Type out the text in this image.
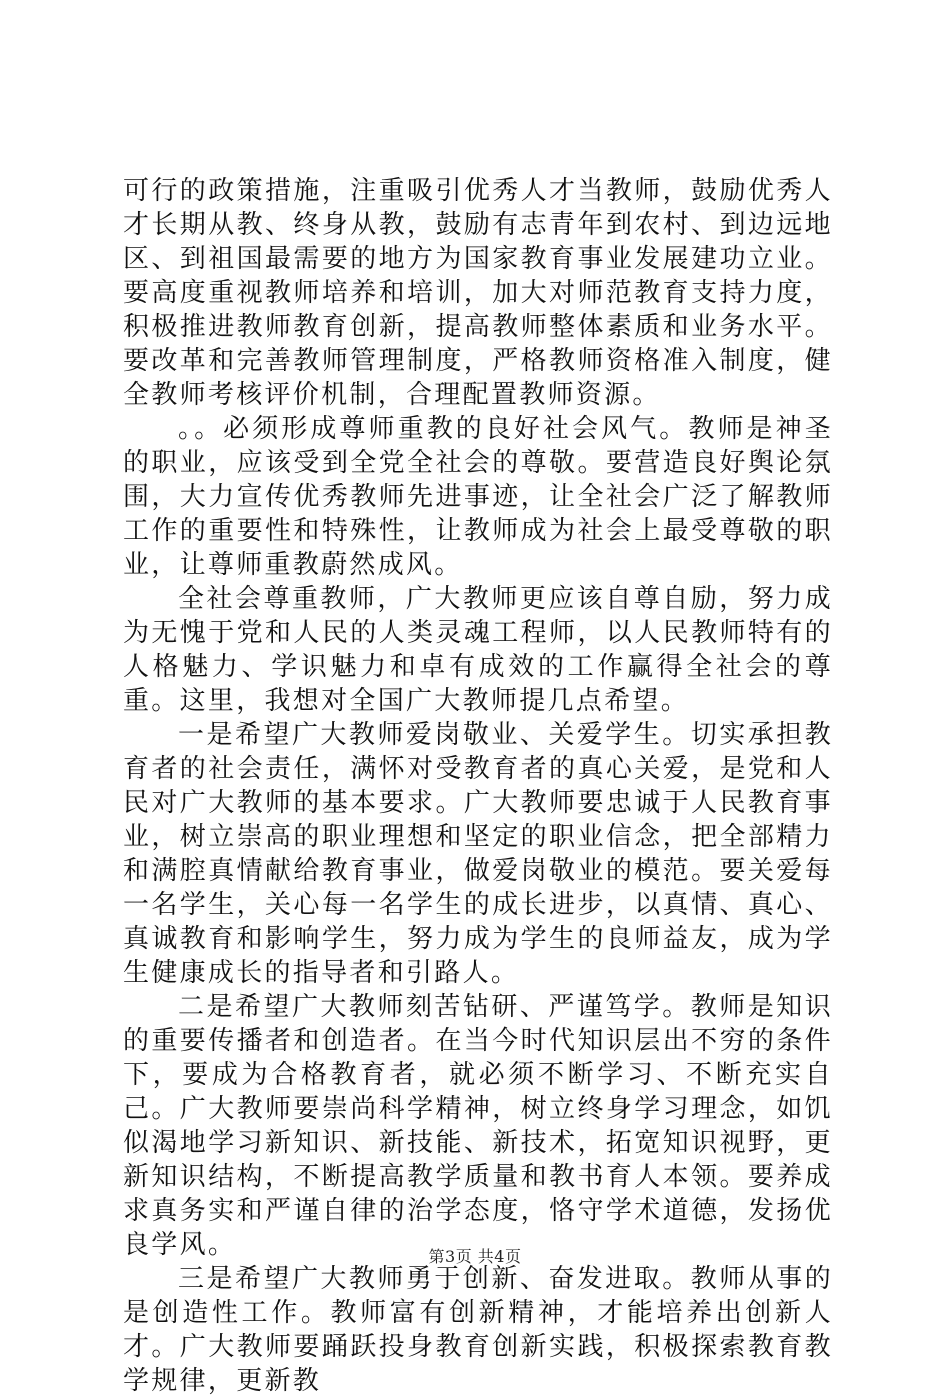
可行的政策措施，注重吸引优秀人才当教师，鼓励优秀人才长期从教、终身从教，鼓励有志青年到农村、到边远地区、到祖国最需要的地方为国家教育事业发展建功立业。要高度重视教师培养和培训，加大对师范教育支持力度，积极推进教师教育创新，提高教师整体素质和业务水平。要改革和完善教师管理制度，严格教师资格准入制度，健全教师考核评价机制，合理配置教师资源。

。。必须形成尊师重教的良好社会风气。教师是神圣的职业，应该受到全党全社会的尊敬。要营造良好舆论氛围，大力宣传优秀教师先进事迹，让全社会广泛了解教师工作的重要性和特殊性，让教师成为社会上最受尊敬的职业，让尊师重教蔚然成风。

全社会尊重教师，广大教师更应该自尊自励，努力成为无愧于党和人民的人类灵魂工程师，以人民教师特有的人格魅力、学识魅力和卓有成效的工作赢得全社会的尊重。这里，我想对全国广大教师提几点希望。

一是希望广大教师爱岗敬业、关爱学生。切实承担教育者的社会责任，满怀对受教育者的真心关爱，是党和人民对广大教师的基本要求。广大教师要忠诚于人民教育事业，树立崇高的职业理想和坚定的职业信念，把全部精力和满腔真情献给教育事业，做爱岗敬业的模范。要关爱每一名学生，关心每一名学生的成长进步，以真情、真心、真诚教育和影响学生，努力成为学生的良师益友，成为学生健康成长的指导者和引路人。

二是希望广大教师刻苦钻研、严谨笃学。教师是知识的重要传播者和创造者。在当今时代知识层出不穷的条件下，要成为合格教育者，就必须不断学习、不断充实自己。广大教师要崇尚科学精神，树立终身学习理念，如饥似渴地学习新知识、新技能、新技术，拓宽知识视野，更新知识结构，不断提高教学质量和教书育人本领。要养成求真务实和严谨自律的治学态度，恪守学术道德，发扬优良学风。

三是希望广大教师勇于创新、奋发进取。教师从事的是创造性工作。教师富有创新精神，才能培养出创新人才。广大教师要踊跃投身教育创新实践，积极探索教育教学规律，更新教

第3页 共4页
